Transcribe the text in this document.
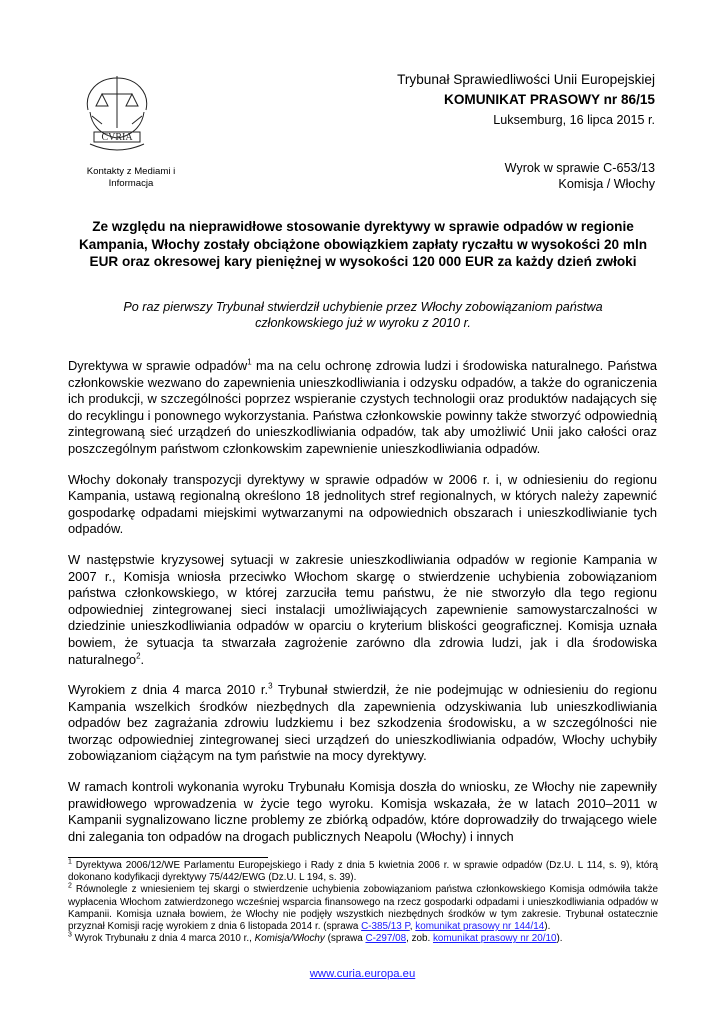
CVRIA
Kontakty z Mediami i Informacja
Trybunał Sprawiedliwości Unii Europejskiej
KOMUNIKAT PRASOWY nr 86/15
Luksemburg, 16 lipca 2015 r.
Wyrok w sprawie C-653/13
Komisja / Włochy
Ze względu na nieprawidłowe stosowanie dyrektywy w sprawie odpadów w regionie Kampania, Włochy zostały obciążone obowiązkiem zapłaty ryczałtu w wysokości 20 mln EUR oraz okresowej kary pieniężnej w wysokości 120 000 EUR za każdy dzień zwłoki
Po raz pierwszy Trybunał stwierdził uchybienie przez Włochy zobowiązaniom państwa członkowskiego już w wyroku z 2010 r.

Dyrektywa w sprawie odpadów$^1$ ma na celu ochronę zdrowia ludzi i środowiska naturalnego. Państwa członkowskie wezwano do zapewnienia unieszkodliwiania i odzysku odpadów, a także do ograniczenia ich produkcji, w szczególności poprzez wspieranie czystych technologii oraz produktów nadających się do recyklingu i ponownego wykorzystania. Państwa członkowskie powinny także stworzyć odpowiednią zintegrowaną sieć urządzeń do unieszkodliwiania odpadów, tak aby umożliwić Unii jako całości oraz poszczególnym państwom członkowskim zapewnienie unieszkodliwiania odpadów.

Włochy dokonały transpozycji dyrektywy w sprawie odpadów w 2006 r. i, w odniesieniu do regionu Kampania, ustawą regionalną określono 18 jednolitych stref regionalnych, w których należy zapewnić gospodarkę odpadami miejskimi wytwarzanymi na odpowiednich obszarach i unieszkodliwianie tych odpadów.

W następstwie kryzysowej sytuacji w zakresie unieszkodliwiania odpadów w regionie Kampania w 2007 r., Komisja wniosła przeciwko Włochom skargę o stwierdzenie uchybienia zobowiązaniom państwa członkowskiego, w której zarzuciła temu państwu, że nie stworzyło dla tego regionu odpowiedniej zintegrowanej sieci instalacji umożliwiających zapewnienie samowystarczalności w dziedzinie unieszkodliwiania odpadów w oparciu o kryterium bliskości geograficznej. Komisja uznała bowiem, że sytuacja ta stwarzała zagrożenie zarówno dla zdrowia ludzi, jak i dla środowiska naturalnego$^2$.

Wyrokiem z dnia 4 marca 2010 r.$^3$ Trybunał stwierdził, że nie podejmując w odniesieniu do regionu Kampania wszelkich środków niezbędnych dla zapewnienia odzyskiwania lub unieszkodliwiania odpadów bez zagrażania zdrowiu ludzkiemu i bez szkodzenia środowisku, a w szczególności nie tworząc odpowiedniej zintegrowanej sieci urządzeń do unieszkodliwiania odpadów, Włochy uchybiły zobowiązaniom ciążącym na tym państwie na mocy dyrektywy.

W ramach kontroli wykonania wyroku Trybunału Komisja doszła do wniosku, ze Włochy nie zapewniły prawidłowego wprowadzenia w życie tego wyroku. Komisja wskazała, że w latach 2010–2011 w Kampanii sygnalizowano liczne problemy ze zbiórką odpadów, które doprowadziły do trwającego wiele dni zalegania ton odpadów na drogach publicznych Neapolu (Włochy) i innych

$^1$ Dyrektywa 2006/12/WE Parlamentu Europejskiego i Rady z dnia 5 kwietnia 2006 r. w sprawie odpadów (Dz.U. L 114, s. 9), którą dokonano kodyfikacji dyrektywy 75/442/EWG (Dz.U. L 194, s. 39).

$^2$ Równolegle z wniesieniem tej skargi o stwierdzenie uchybienia zobowiązaniom państwa członkowskiego Komisja odmówiła także wypłacenia Włochom zatwierdzonego wcześniej wsparcia finansowego na rzecz gospodarki odpadami i unieszkodliwiania odpadów w Kampanii. Komisja uznała bowiem, że Włochy nie podjęły wszystkich niezbędnych środków w tym zakresie. Trybunał ostatecznie przyznał Komisji rację wyrokiem z dnia 6 listopada 2014 r. (sprawa C-385/13 P, komunikat prasowy nr 144/14).

$^3$ Wyrok Trybunału z dnia 4 marca 2010 r., Komisja/Włochy (sprawa C-297/08, zob. komunikat prasowy nr 20/10).

www.curia.europa.eu
